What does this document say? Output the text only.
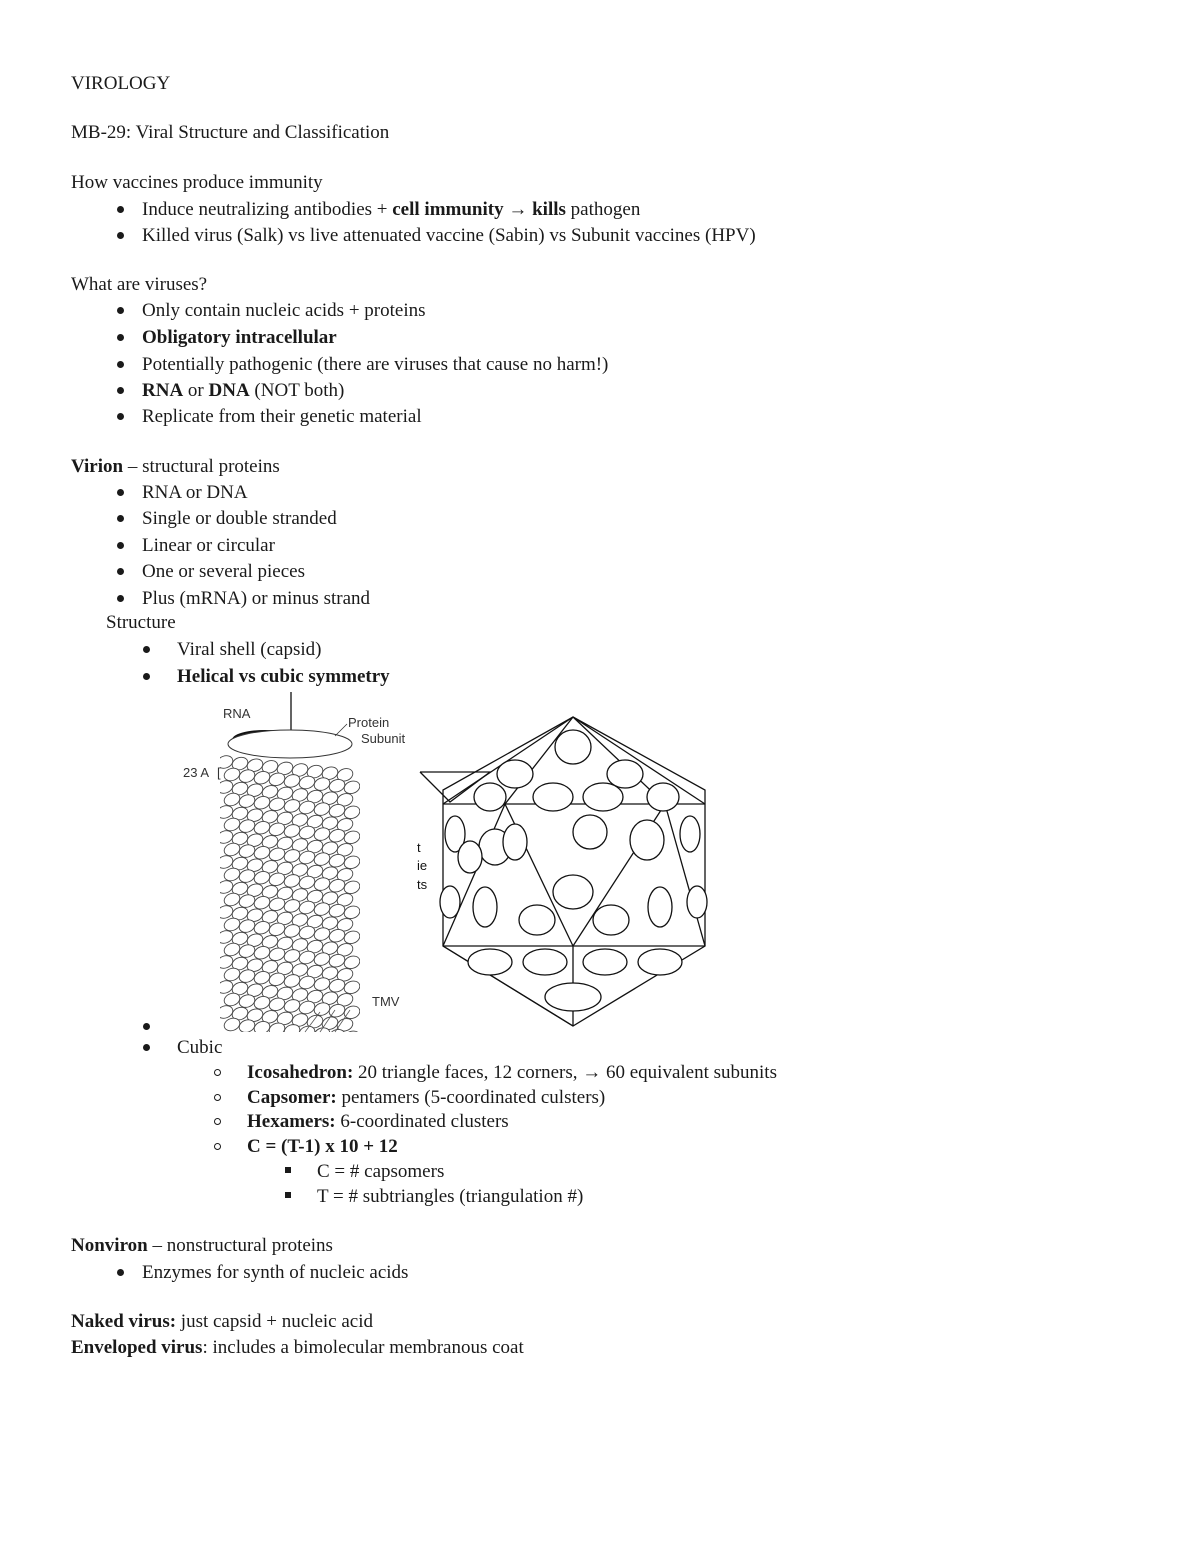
VIROLOGY
MB-29: Viral Structure and Classification
How vaccines produce immunity
Induce neutralizing antibodies + cell immunity → kills pathogen
Killed virus (Salk) vs live attenuated vaccine (Sabin) vs Subunit vaccines (HPV)
What are viruses?
Only contain nucleic acids + proteins
Obligatory intracellular
Potentially pathogenic (there are viruses that cause no harm!)
RNA or DNA (NOT both)
Replicate from their genetic material
Virion – structural proteins
RNA or DNA
Single or double stranded
Linear or circular
One or several pieces
Plus (mRNA) or minus strand
Structure
Viral shell (capsid)
Helical vs cubic symmetry
RNA
Protein
Subunit
23 A [
TMV
t
ie
ts
Cubic
Icosahedron: 20 triangle faces, 12 corners, → 60 equivalent subunits
Capsomer: pentamers (5-coordinated culsters)
Hexamers: 6-coordinated clusters
C = (T-1) x 10 + 12
C = # capsomers
T = # subtriangles (triangulation #)
Nonviron – nonstructural proteins
Enzymes for synth of nucleic acids
Naked virus: just capsid + nucleic acid
Enveloped virus: includes a bimolecular membranous coat
